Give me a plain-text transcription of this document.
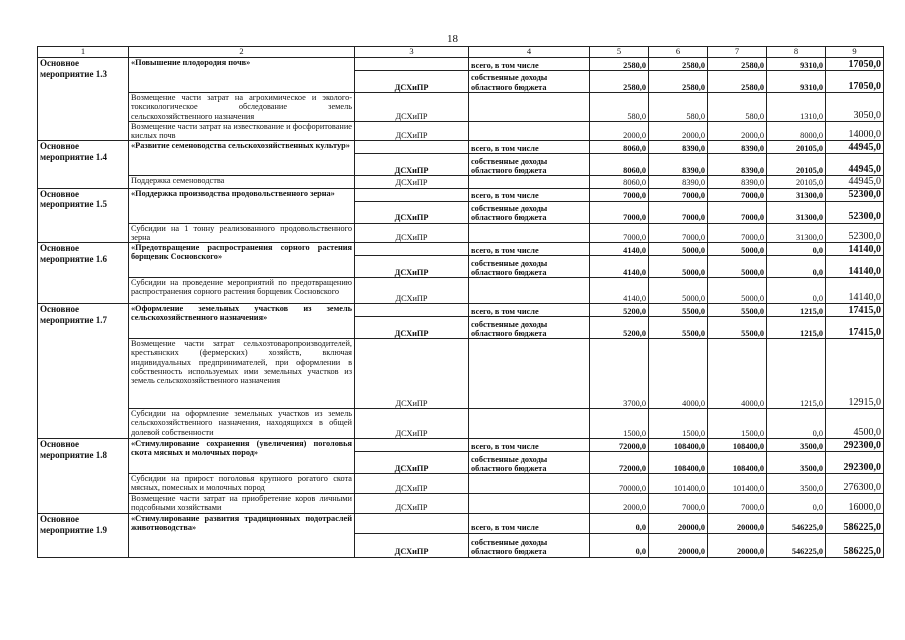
18
1	2	3	4	5	6	7	8	9
Основное мероприятие 1.3	«Повышение плодородия почв»		всего, в том числе	2580,0	2580,0	2580,0	9310,0	17050,0
		ДСХиПР	собственные доходы областного бюджета	2580,0	2580,0	2580,0	9310,0	17050,0
	Возмещение части затрат на агрохимическое и эколого-токсикологическое обследование земель сельскохозяйственного назначения	ДСХиПР		580,0	580,0	580,0	1310,0	3050,0
	Возмещение части затрат на известкование и фосфоритование кислых почв	ДСХиПР		2000,0	2000,0	2000,0	8000,0	14000,0
Основное мероприятие 1.4	«Развитие семеноводства сельскохозяйственных культур»		всего, в том числе	8060,0	8390,0	8390,0	20105,0	44945,0
		ДСХиПР	собственные доходы областного бюджета	8060,0	8390,0	8390,0	20105,0	44945,0
	Поддержка семеноводства	ДСХиПР		8060,0	8390,0	8390,0	20105,0	44945,0
Основное мероприятие 1.5	«Поддержка производства продовольственного зерна»		всего, в том числе	7000,0	7000,0	7000,0	31300,0	52300,0
		ДСХиПР	собственные доходы областного бюджета	7000,0	7000,0	7000,0	31300,0	52300,0
	Субсидии на 1 тонну реализованного продовольственного зерна	ДСХиПР		7000,0	7000,0	7000,0	31300,0	52300,0
Основное мероприятие 1.6	«Предотвращение распространения сорного растения борщевик Сосновского»		всего, в том числе	4140,0	5000,0	5000,0	0,0	14140,0
		ДСХиПР	собственные доходы областного бюджета	4140,0	5000,0	5000,0	0,0	14140,0
	Субсидии на проведение мероприятий по предотвращению распространения сорного растения борщевик Сосновского	ДСХиПР		4140,0	5000,0	5000,0	0,0	14140,0
Основное мероприятие 1.7	«Оформление земельных участков из земель сельскохозяйственного назначения»		всего, в том числе	5200,0	5500,0	5500,0	1215,0	17415,0
		ДСХиПР	собственные доходы областного бюджета	5200,0	5500,0	5500,0	1215,0	17415,0
	Возмещение части затрат сельхозтоваропроизводителей, крестьянских (фермерских) хозяйств, включая индивидуальных предпринимателей, при оформлении в собственность используемых ими земельных участков из земель сельскохозяйственного назначения	ДСХиПР		3700,0	4000,0	4000,0	1215,0	12915,0
	Субсидии на оформление земельных участков из земель сельскохозяйственного назначения, находящихся в общей долевой собственности	ДСХиПР		1500,0	1500,0	1500,0	0,0	4500,0
Основное мероприятие 1.8	«Стимулирование сохранения (увеличения) поголовья скота мясных и молочных пород»		всего, в том числе	72000,0	108400,0	108400,0	3500,0	292300,0
		ДСХиПР	собственные доходы областного бюджета	72000,0	108400,0	108400,0	3500,0	292300,0
	Субсидии на прирост поголовья крупного рогатого скота мясных, помесных и молочных пород	ДСХиПР		70000,0	101400,0	101400,0	3500,0	276300,0
	Возмещение части затрат на приобретение коров личными подсобными хозяйствами	ДСХиПР		2000,0	7000,0	7000,0	0,0	16000,0
Основное мероприятие 1.9	«Стимулирование развития традиционных подотраслей животноводства»		всего, в том числе	0,0	20000,0	20000,0	546225,0	586225,0
		ДСХиПР	собственные доходы областного бюджета	0,0	20000,0	20000,0	546225,0	586225,0
